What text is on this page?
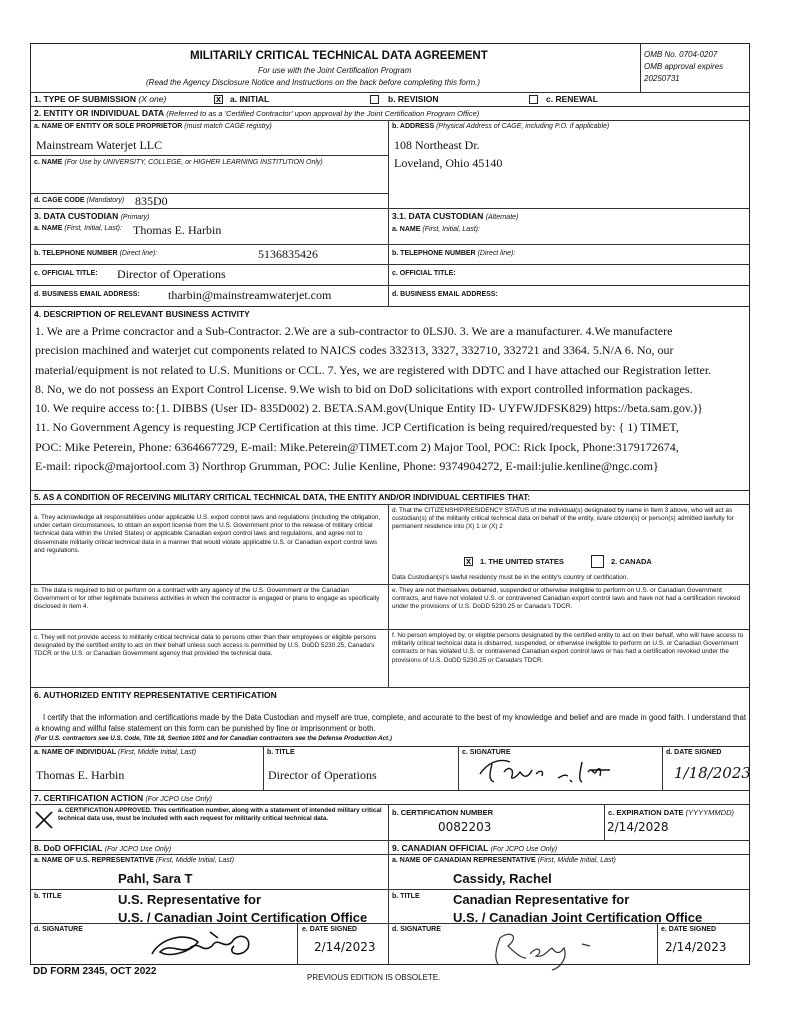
MILITARILY CRITICAL TECHNICAL DATA AGREEMENT
For use with the Joint Certification Program
(Read the Agency Disclosure Notice and Instructions on the back before completing this form.)
OMB No. 0704-0207
OMB approval expires
20250731
1. TYPE OF SUBMISSION (X one)	x a. INITIAL	b. REVISION	c. RENEWAL
2. ENTITY OR INDIVIDUAL DATA (Referred to as a 'Certified Contractor' upon approval by the Joint Certification Program Office)
a. NAME OF ENTITY OR SOLE PROPRIETOR (must match CAGE registry)
Mainstream Waterjet LLC
b. ADDRESS (Physical Address of CAGE, including P.O. if applicable)
108 Northeast Dr.
Loveland, Ohio 45140
c. NAME (For Use by UNIVERSITY, COLLEGE, or HIGHER LEARNING INSTITUTION Only)
d. CAGE CODE (Mandatory) 835D0
3. DATA CUSTODIAN (Primary)
a. NAME (First, Initial, Last): Thomas E. Harbin
3.1. DATA CUSTODIAN (Alternate)
a. NAME (First, Initial, Last):
b. TELEPHONE NUMBER (Direct line):	5136835426	b. TELEPHONE NUMBER (Direct line):
c. OFFICIAL TITLE: Director of Operations	c. OFFICIAL TITLE:
d. BUSINESS EMAIL ADDRESS: tharbin@mainstreamwaterjet.com	d. BUSINESS EMAIL ADDRESS:
4. DESCRIPTION OF RELEVANT BUSINESS ACTIVITY
1. We are a Prime concractor and a Sub-Contractor. 2.We are a sub-contractor to 0LSJ0. 3. We are a manufacturer. 4.We manufactere
precision machined and waterjet cut components related to NAICS codes 332313, 3327, 332710, 332721 and 3364. 5.N/A 6. No, our
material/equipment is not related to U.S. Munitions or CCL. 7. Yes, we are registered with DDTC and I have attached our Registration letter.
8. No, we do not possess an Export Control License. 9.We wish to bid on DoD solicitations with export controlled information packages.
10. We require access to:{1. DIBBS (User ID- 835D002) 2. BETA.SAM.gov(Unique Entity ID- UYFWJDFSK829) https://beta.sam.gov.)}
11. No Government Agency is requesting JCP Certification at this time. JCP Certification is being required/requested by: { 1) TIMET,
POC: Mike Peterein, Phone: 6364667729, E-mail: Mike.Peterein@TIMET.com 2) Major Tool, POC: Rick Ipock, Phone:3179172674,
E-mail: ripock@majortool.com 3) Northrop Grumman, POC: Julie Kenline, Phone: 9374904272, E-mail:julie.kenline@ngc.com}
5. AS A CONDITION OF RECEIVING MILITARY CRITICAL TECHNICAL DATA, THE ENTITY AND/OR INDIVIDUAL CERTIFIES THAT:
a. They acknowledge all responsibilities under applicable U.S. export control laws and regulations (including the obligation, under certain circumstances, to obtain an export license from the U.S. Government prior to the release of military critical technical data within the United States) or applicable Canadian export control laws and regulations, and agree not to disseminate militarily critical technical data in a manner that would violate applicable U.S. or Canadian export control laws and regulations.
d. That the CITIZENSHIP/RESIDENCY STATUS of the individual(s) designated by name in Item 3 above, who will act as custodian(s) of the militarily critical technical data on behalf of the entity, is/are citizen(s) or person(s) admitted lawfully for permanent residence into (X) 1 or (X) 2
x 1. THE UNITED STATES	2. CANADA
Data Custodian(s)'s lawful residency must be in the entity's country of certification.
b. The data is required to bid or perform on a contract with any agency of the U.S. Government or the Canadian Government or for other legitimate business activities in which the contractor is engaged or plans to engage as specifically disclosed in item 4.
e. They are not themselves debarred, suspended or otherwise ineligible to perform on U.S. or Canadian Government contracts, and have not violated U.S. or contravened Canadian export control laws and have not had a certification revoked under the provisions of U.S. DoDD 5230.25 or Canada's TDCR.
c. They will not provide access to militarily critical technical data to persons other than their employees or eligible persons designated by the certified entity to act on their behalf unless such access is permitted by U.S. DoDD 5230.25, Canada's TDCR or the U.S. or Canadian Government agency that provided the technical data.
f. No person employed by, or eligible persons designated by the certified entity to act on their behalf, who will have access to militarily critical technical data is disbarred, suspended, or otherwise ineligible to perform on U.S. or Canadian Government contracts or has violated U.S. or contravened Canadian export control laws or has had a certification revoked under the provisions of U.S. DoDD 5230.25 or Canada's TDCR.
6. AUTHORIZED ENTITY REPRESENTATIVE CERTIFICATION
I certify that the information and certifications made by the Data Custodian and myself are true, complete, and accurate to the best of my knowledge and belief and are made in good faith. I understand that a knowing and willful false statement on this form can be punished by fine or imprisonment or both.
(For U.S. contractors see U.S. Code, Title 18, Section 1001 and for Canadian contractors see the Defense Production Act.)
a. NAME OF INDIVIDUAL (First, Middle Initial, Last)
Thomas E. Harbin
b. TITLE
Director of Operations
c. SIGNATURE	d. DATE SIGNED
1/18/2023
7. CERTIFICATION ACTION (For JCPO Use Only)
a. CERTIFICATION APPROVED. This certification number, along with a statement of intended military critical technical data use, must be included with each request for militarily critical technical data.
b. CERTIFICATION NUMBER
0082203
c. EXPIRATION DATE (YYYYMMDD)
2/14/2028
8. DoD OFFICIAL (For JCPO Use Only)	9. CANADIAN OFFICIAL (For JCPO Use Only)
a. NAME OF U.S. REPRESENTATIVE (First, Middle Initial, Last)
Pahl, Sara T
a. NAME OF CANADIAN REPRESENTATIVE (First, Middle Initial, Last)
Cassidy, Rachel
b. TITLE	U.S. Representative for
U.S. / Canadian Joint Certification Office
b. TITLE	Canadian Representative for
U.S. / Canadian Joint Certification Office
d. SIGNATURE	e. DATE SIGNED
2/14/2023
d. SIGNATURE	e. DATE SIGNED
2/14/2023
DD FORM 2345, OCT 2022
PREVIOUS EDITION IS OBSOLETE.
